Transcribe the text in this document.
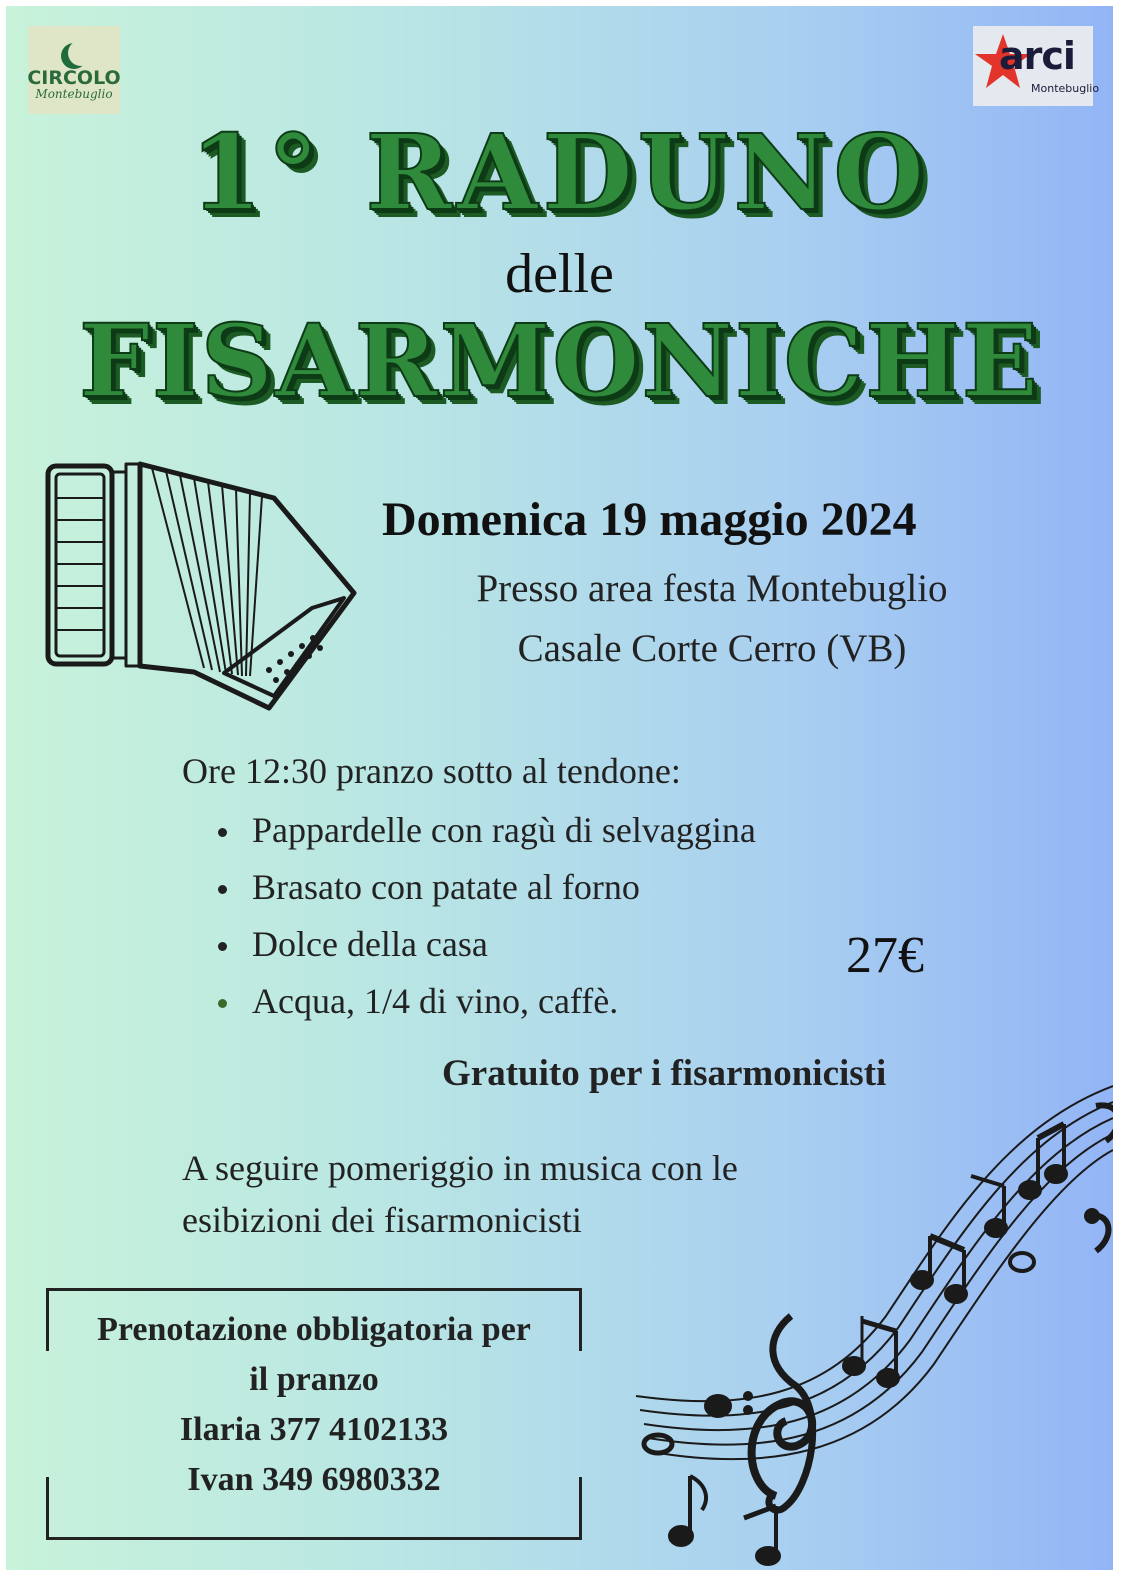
CIRCOLO
Montebuglio
arci
Montebuglio
1° RADUNO
delle
FISARMONICHE
Domenica 19 maggio 2024
Presso area festa Montebuglio
Casale Corte Cerro (VB)
Ore 12:30 pranzo sotto al tendone:
Pappardelle con ragù di selvaggina
Brasato con patate al forno
Dolce della casa
Acqua, 1/4 di vino, caffè.
27€
Gratuito per i fisarmonicisti
A seguire pomeriggio in musica con le esibizioni dei fisarmonicisti
Prenotazione obbligatoria per
il pranzo
Ilaria 377 4102133
Ivan 349 6980332
